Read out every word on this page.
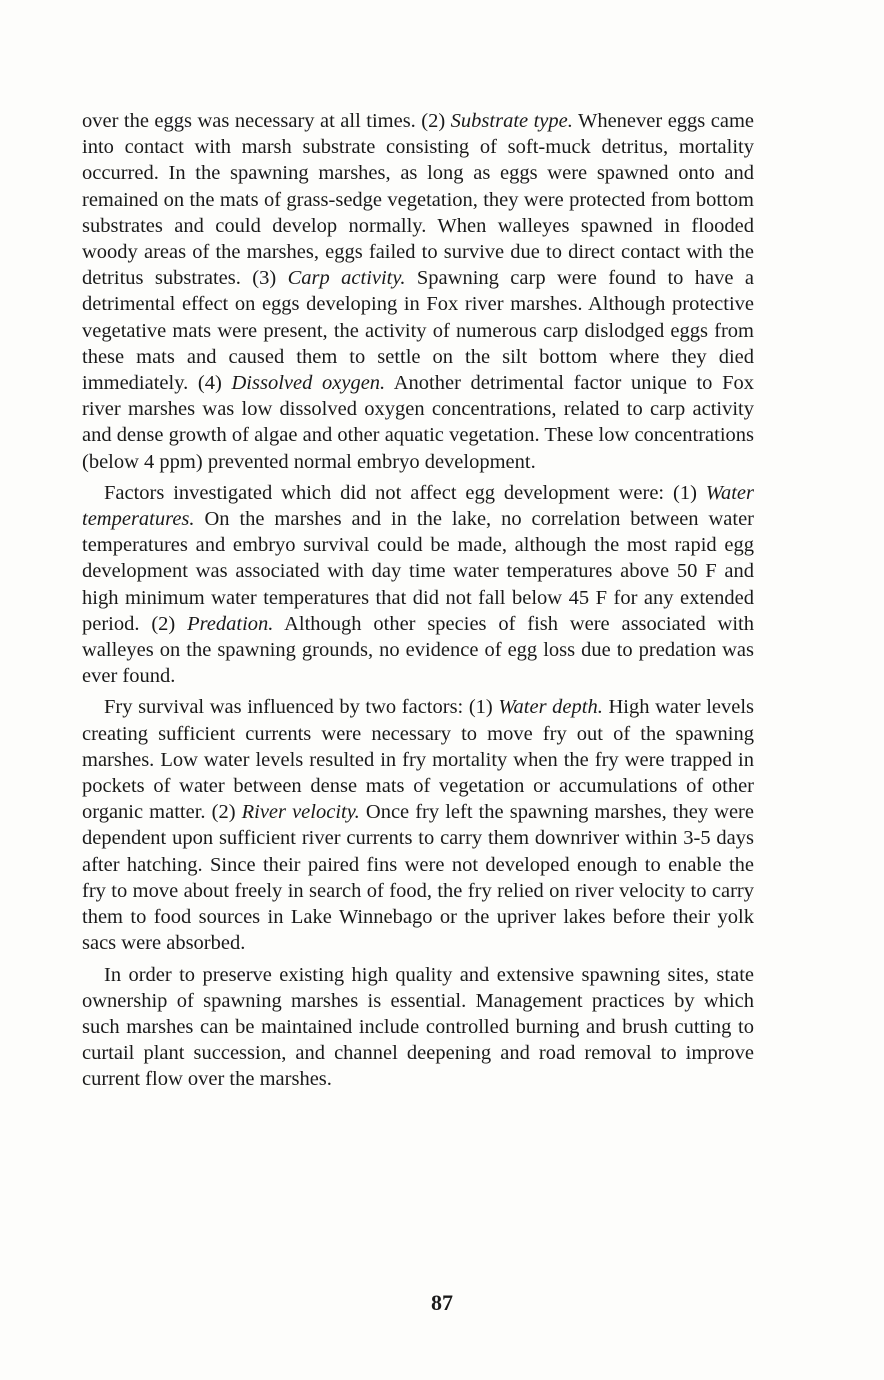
over the eggs was necessary at all times. (2) Substrate type. Whenever eggs came into contact with marsh substrate consisting of soft-muck detritus, mortality occurred. In the spawning marshes, as long as eggs were spawned onto and remained on the mats of grass-sedge vegetation, they were protected from bottom substrates and could develop normally. When walleyes spawned in flooded woody areas of the marshes, eggs failed to survive due to direct contact with the detritus substrates. (3) Carp activity. Spawning carp were found to have a detrimental effect on eggs developing in Fox river marshes. Although protective vegetative mats were present, the activity of numerous carp dislodged eggs from these mats and caused them to settle on the silt bottom where they died immediately. (4) Dissolved oxygen. Another detrimental factor unique to Fox river marshes was low dissolved oxygen concentrations, related to carp activity and dense growth of algae and other aquatic vegetation. These low concentrations (below 4 ppm) prevented normal embryo development.

Factors investigated which did not affect egg development were: (1) Water temperatures. On the marshes and in the lake, no correlation between water temperatures and embryo survival could be made, although the most rapid egg development was associated with day time water temperatures above 50 F and high minimum water temperatures that did not fall below 45 F for any extended period. (2) Predation. Although other species of fish were associated with walleyes on the spawning grounds, no evidence of egg loss due to predation was ever found.

Fry survival was influenced by two factors: (1) Water depth. High water levels creating sufficient currents were necessary to move fry out of the spawning marshes. Low water levels resulted in fry mortality when the fry were trapped in pockets of water between dense mats of vegetation or accumulations of other organic matter. (2) River velocity. Once fry left the spawning marshes, they were dependent upon sufficient river currents to carry them downriver within 3-5 days after hatching. Since their paired fins were not developed enough to enable the fry to move about freely in search of food, the fry relied on river velocity to carry them to food sources in Lake Winnebago or the upriver lakes before their yolk sacs were absorbed.

In order to preserve existing high quality and extensive spawning sites, state ownership of spawning marshes is essential. Management practices by which such marshes can be maintained include controlled burning and brush cutting to curtail plant succession, and channel deepening and road removal to improve current flow over the marshes.

87
